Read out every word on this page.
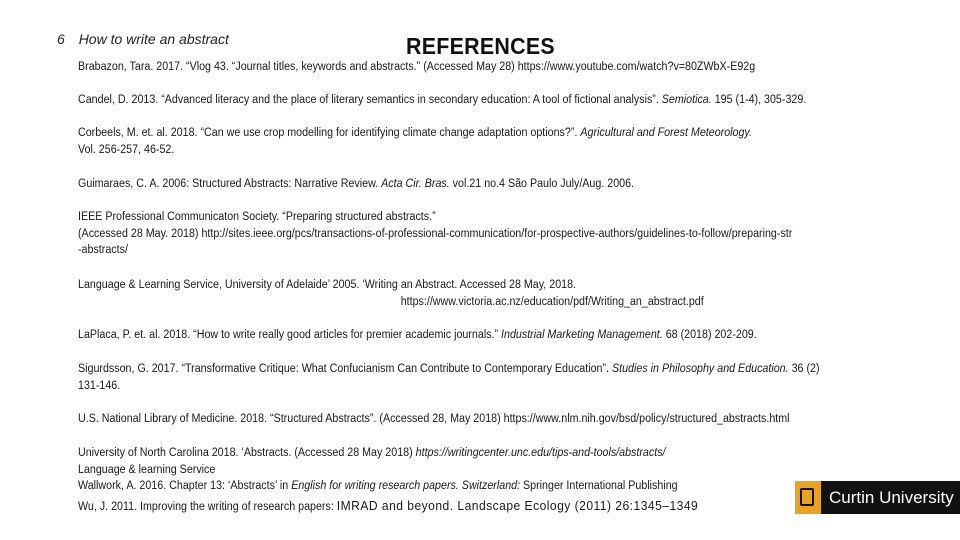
6 How to write an abstract	REFERENCES
Brabazon, Tara. 2017. “Vlog 43. “Journal titles, keywords and abstracts.” (Accessed May 28) https://www.youtube.com/watch?v=80ZWbX-E92g
Candel, D. 2013. “Advanced literacy and the place of literary semantics in secondary education: A tool of fictional analysis”. Semiotica. 195 (1-4), 305-329.
Corbeels, M. et. al. 2018. “Can we use crop modelling for identifying climate change adaptation options?”. Agricultural and Forest Meteorology.
Vol. 256-257, 46-52.
Guimaraes, C. A. 2006: Structured Abstracts: Narrative Review. Acta Cir. Bras. vol.21 no.4 São Paulo July/Aug. 2006.
IEEE Professional Communicaton Society. “Preparing structured abstracts.”
(Accessed 28 May. 2018) http://sites.ieee.org/pcs/transactions-of-professional-communication/for-prospective-authors/guidelines-to-follow/preparing-str
-abstracts/
Language & Learning Service, University of Adelaide’ 2005. ‘Writing an Abstract. Accessed 28 May, 2018.
https://www.victoria.ac.nz/education/pdf/Writing_an_abstract.pdf
LaPlaca, P. et. al. 2018. “How to write really good articles for premier academic journals.” Industrial Marketing Management. 68 (2018) 202-209.
Sigurdsson, G. 2017. “Transformative Critique: What Confucianism Can Contribute to Contemporary Education”. Studies in Philosophy and Education. 36 (2)
131-146.
U.S. National Library of Medicine. 2018. “Structured Abstracts”. (Accessed 28, May 2018) https://www.nlm.nih.gov/bsd/policy/structured_abstracts.html
University of North Carolina 2018. ‘Abstracts. (Accessed 28 May 2018) https://writingcenter.unc.edu/tips-and-tools/abstracts/
Language & learning Service
Wallwork, A. 2016. Chapter 13: ‘Abstracts’ in English for writing research papers. Switzerland: Springer International Publishing
Wu, J. 2011. Improving the writing of research papers: IMRAD and beyond. Landscape Ecology (2011) 26:1345–1349	Curtin University
